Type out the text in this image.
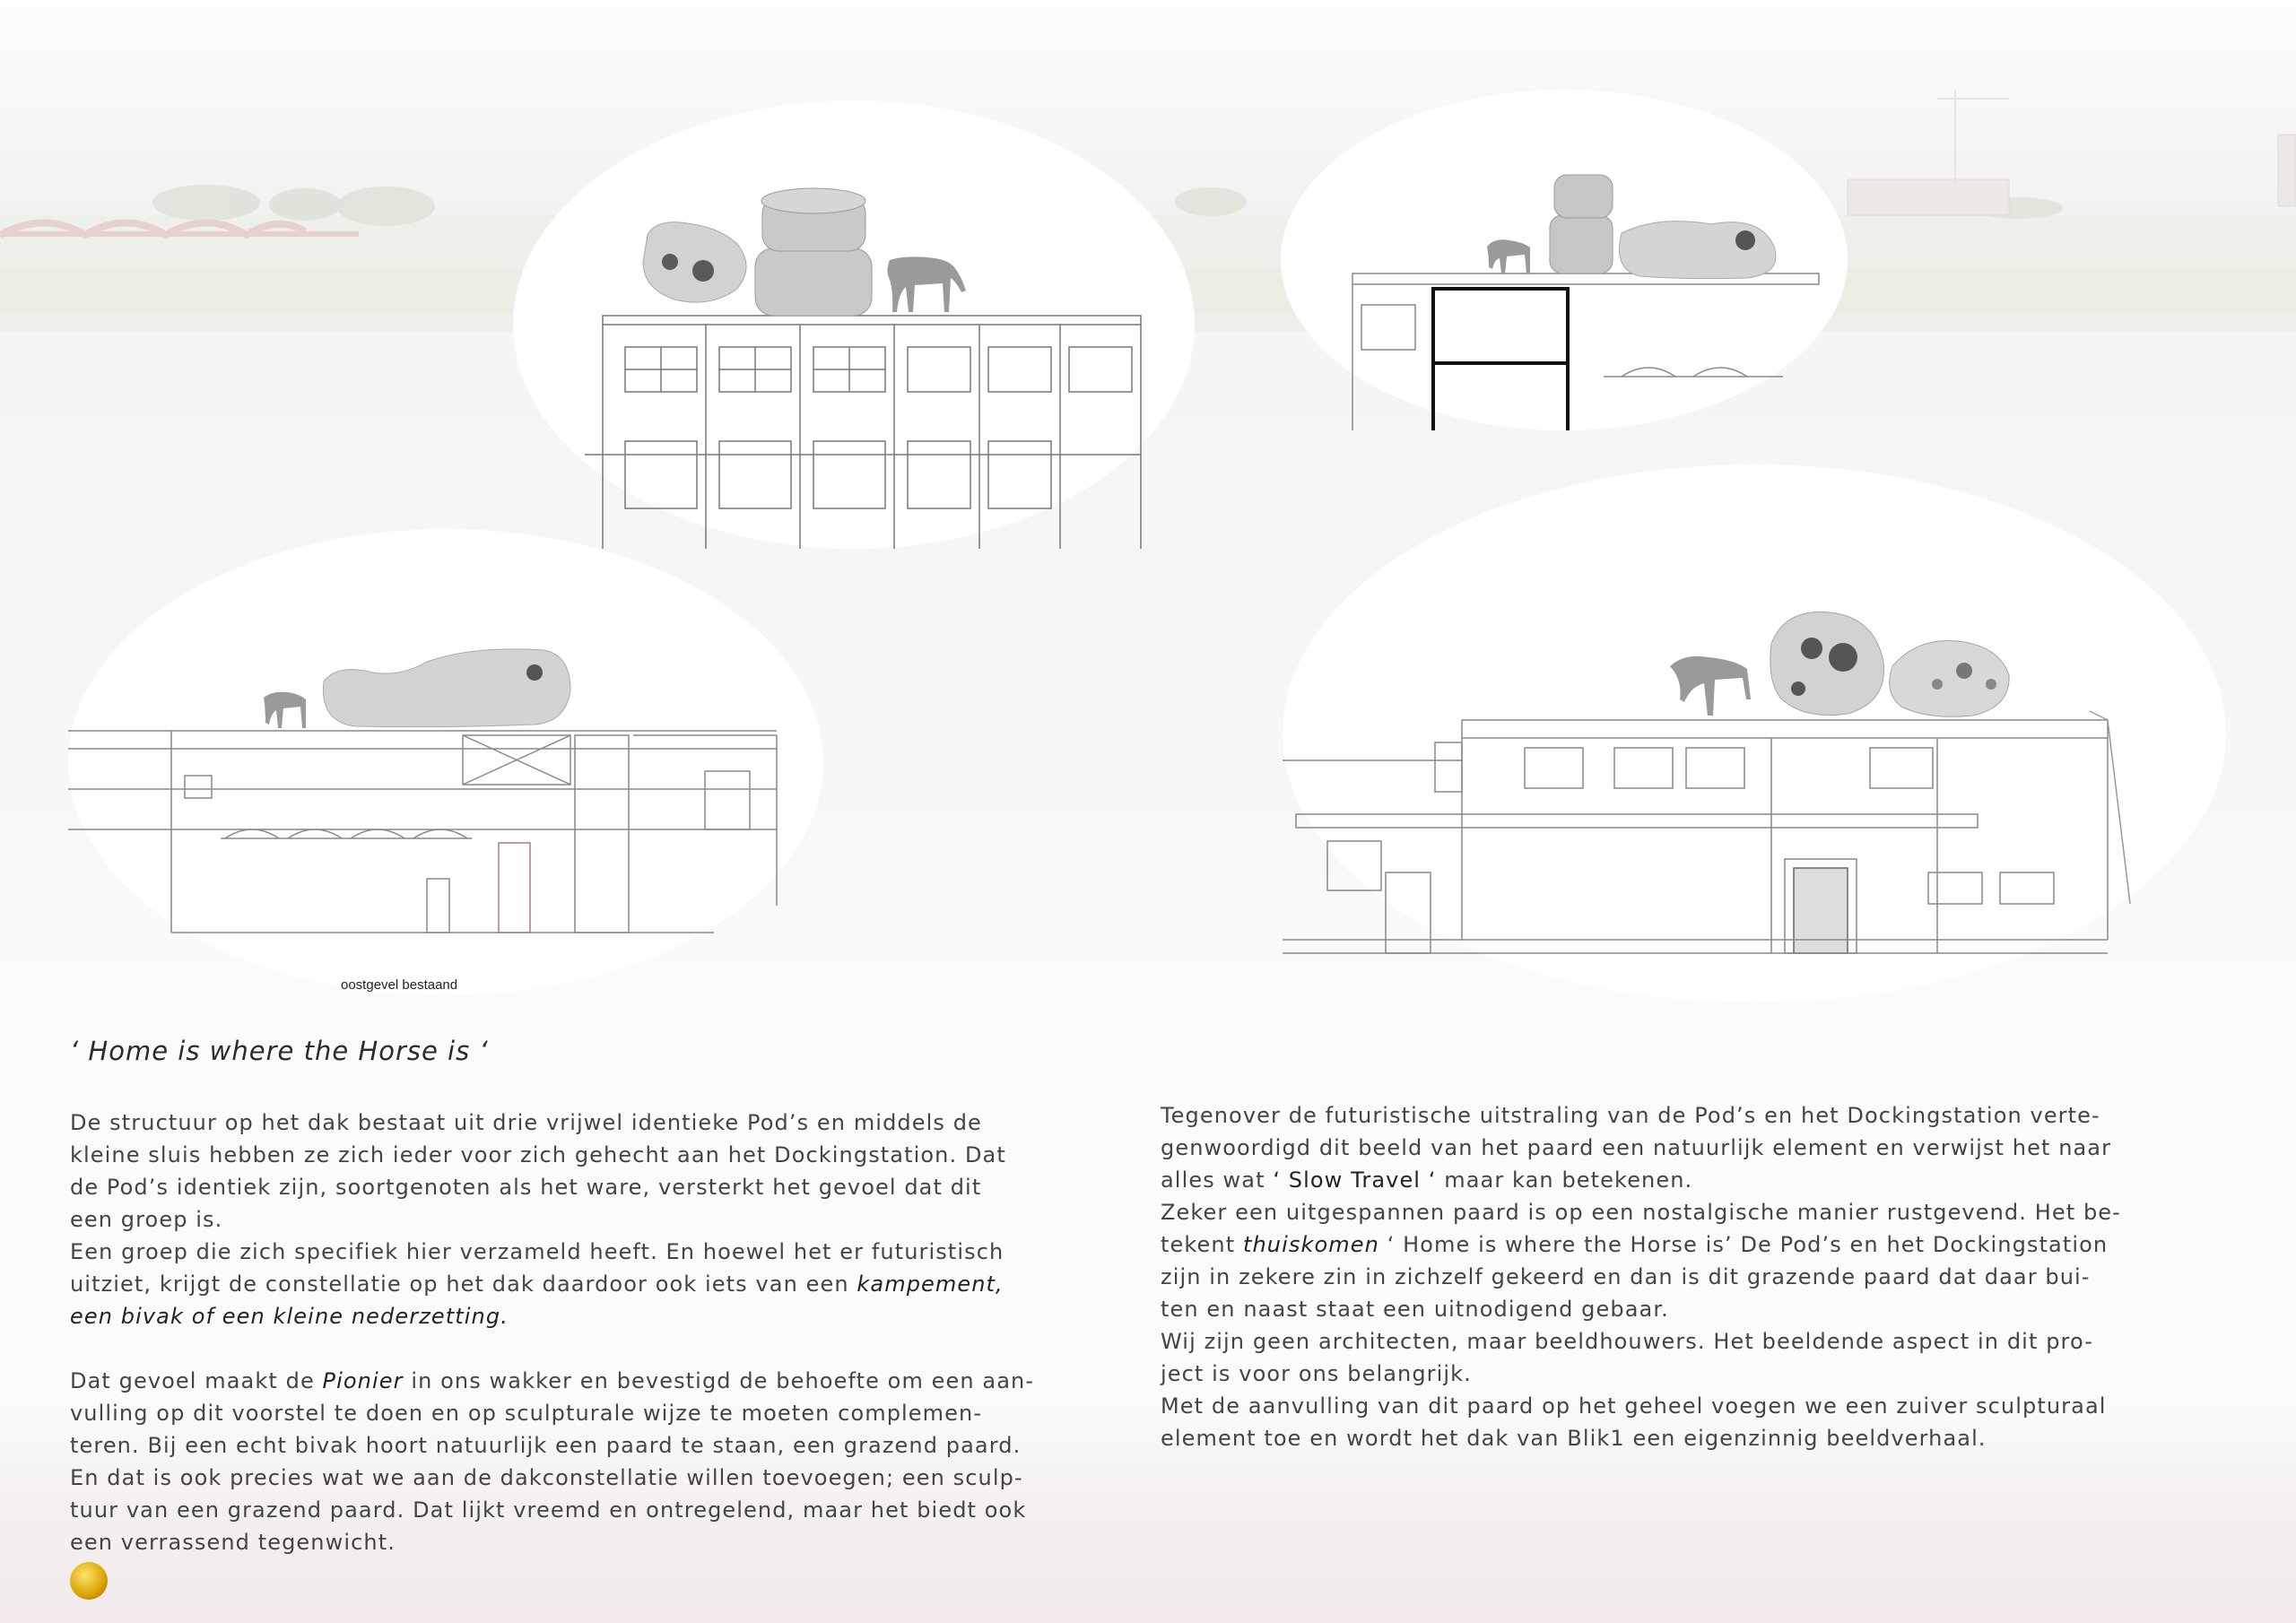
oostgevel bestaand
‘ Home is where the Horse is ‘

De structuur op het dak bestaat uit drie vrijwel identieke Pod’s en middels de

kleine sluis hebben ze zich ieder voor zich gehecht aan het Dockingstation. Dat

de Pod’s identiek zijn, soortgenoten als het ware, versterkt het gevoel dat dit

een groep is.

Een groep die zich specifiek hier verzameld heeft. En hoewel het er futuristisch

uitziet, krijgt de constellatie op het dak daardoor ook iets van een kampement,

een bivak of een kleine nederzetting.

Dat gevoel maakt de Pionier in ons wakker en bevestigd de behoefte om een aan-

vulling op dit voorstel te doen en op sculpturale wijze te moeten complemen-

teren. Bij een echt bivak hoort natuurlijk een paard te staan, een grazend paard.

En dat is ook precies wat we aan de dakconstellatie willen toevoegen; een sculp-

tuur van een grazend paard. Dat lijkt vreemd en ontregelend, maar het biedt ook

een verrassend tegenwicht.

Tegenover de futuristische uitstraling van de Pod’s en het Dockingstation verte-

genwoordigd dit beeld van het paard een natuurlijk element en verwijst het naar

alles wat ‘ Slow Travel ‘ maar kan betekenen.

Zeker een uitgespannen paard is op een nostalgische manier rustgevend. Het be-

tekent thuiskomen ‘ Home is where the Horse is’ De Pod’s en het Dockingstation

zijn in zekere zin in zichzelf gekeerd en dan is dit grazende paard dat daar bui-

ten en naast staat een uitnodigend gebaar.

Wij zijn geen architecten, maar beeldhouwers. Het beeldende aspect in dit pro-

ject is voor ons belangrijk.

Met de aanvulling van dit paard op het geheel voegen we een zuiver sculpturaal

element toe en wordt het dak van Blik1 een eigenzinnig beeldverhaal.
